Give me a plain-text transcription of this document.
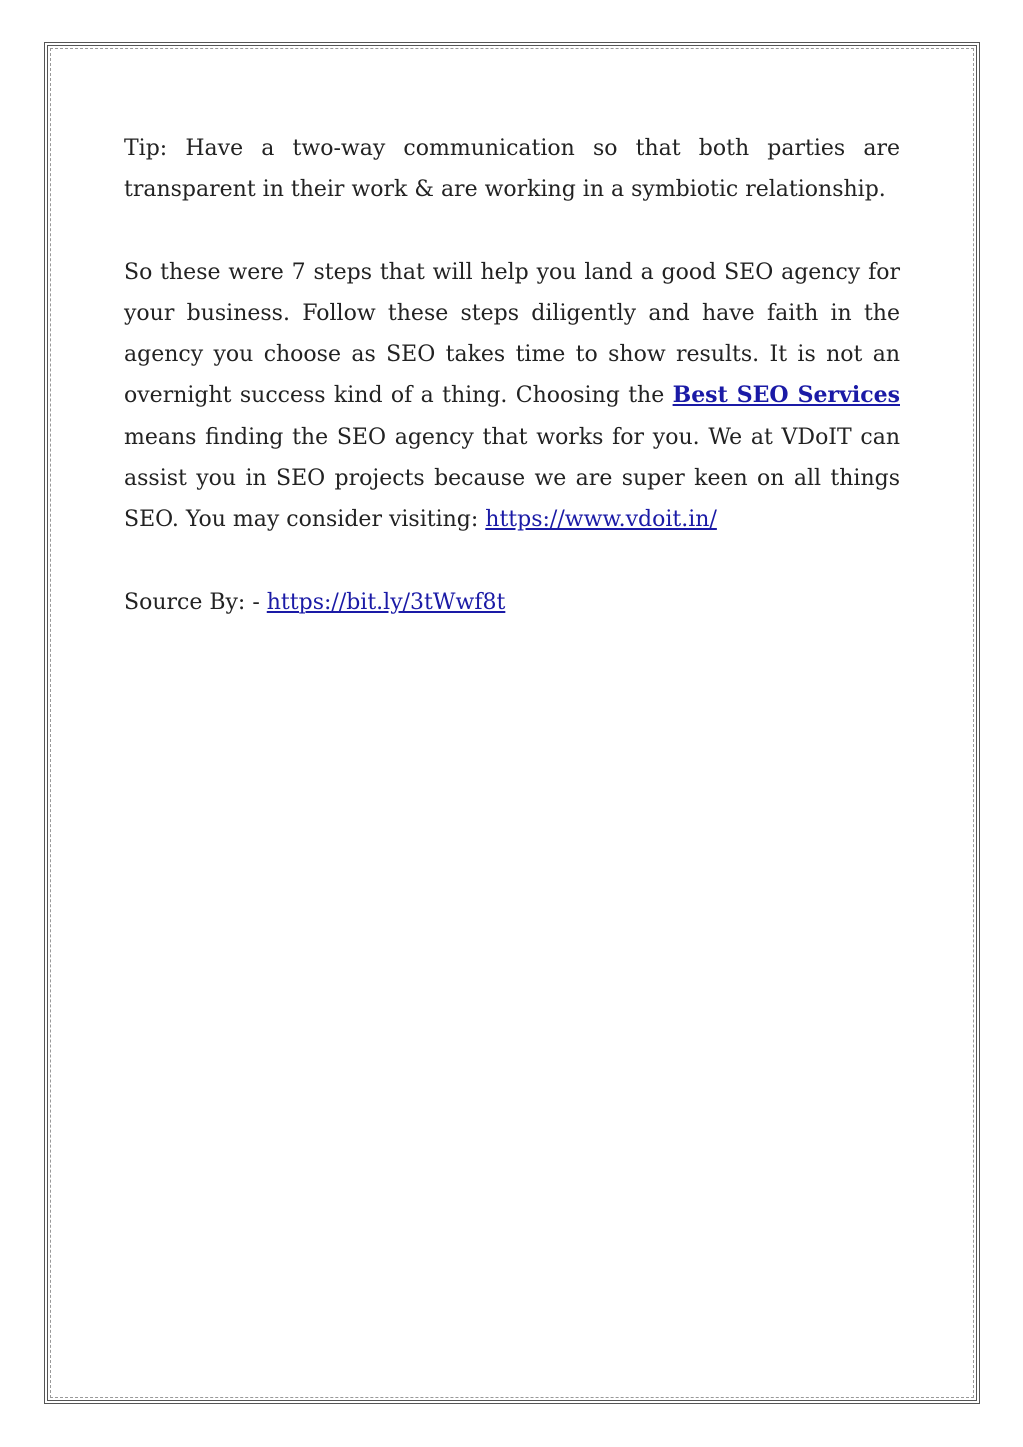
Tip: Have a two-way communication so that both parties are transparent in their work & are working in a symbiotic relationship.

So these were 7 steps that will help you land a good SEO agency for your business. Follow these steps diligently and have faith in the agency you choose as SEO takes time to show results. It is not an overnight success kind of a thing. Choosing the Best SEO Services means finding the SEO agency that works for you. We at VDoIT can assist you in SEO projects because we are super keen on all things SEO. You may consider visiting: https://www.vdoit.in/

Source By: - https://bit.ly/3tWwf8t
